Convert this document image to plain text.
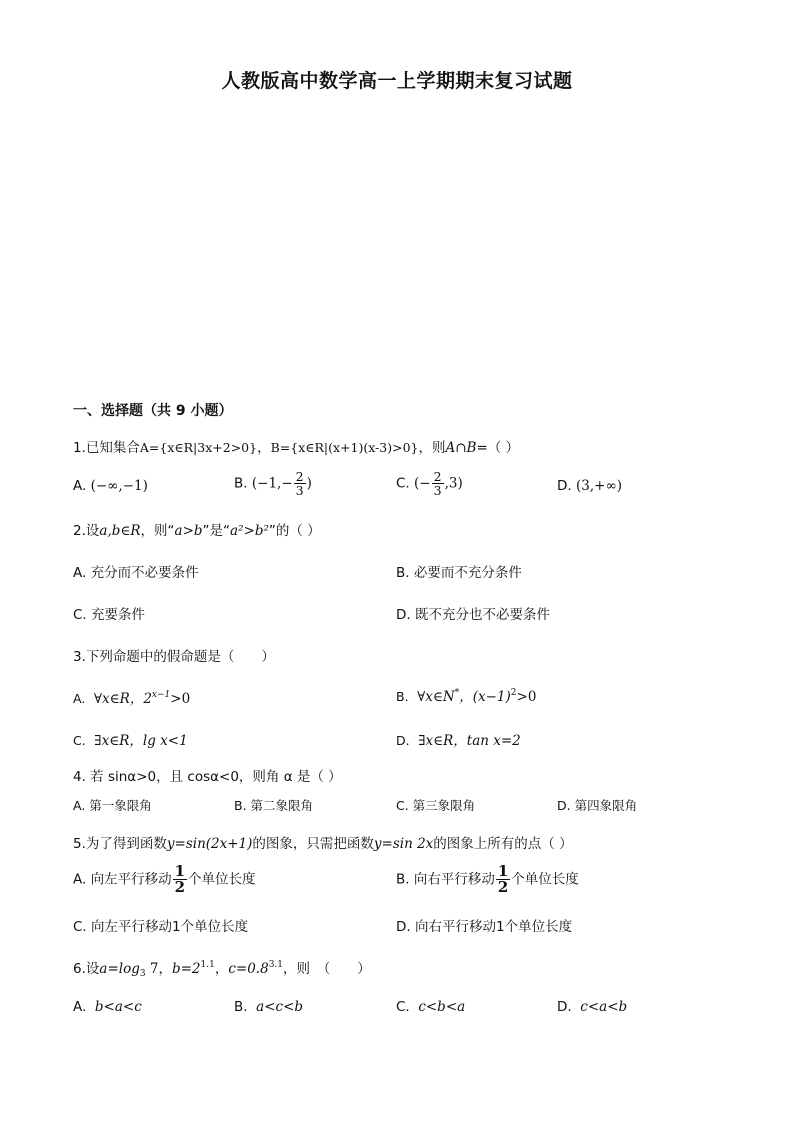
人教版高中数学高一上学期期末复习试题
一、选择题（共 9 小题）
1.已知集合A={x∈R|3x+2>0}，B={x∈R|(x+1)(x-3)>0}，则A∩B=（ ）
A. (−∞,−1)	B. ($-1,- \frac{2}{3}$ )	C. (− $\frac{2}{3} ,3$)	D. (3,+∞)
2.设a,b∈R，则“a>b”是“a²>b²”的（ ）
A. 充分而不必要条件	B. 必要而不充分条件
C. 充要条件	D. 既不充分也不必要条件
3.下列命题中的假命题是（　　）
A. ∀x∈R，$2^{x-1}>0$	B. ∀x∈N*，$(x-1)^2>0$
C. ∃x∈R，lg x<1	D. ∃x∈R，tan x=2
4. 若 sinα>0，且 cosα<0，则角 α 是（ ）
A. 第一象限角	B. 第二象限角	C. 第三象限角	D. 第四象限角
5.为了得到函数y=sin(2x+1)的图象，只需把函数y=sin 2x的图象上所有的点（ ）
A. 向左平行移动 $\frac{1}{2}$ 个单位长度	B. 向右平行移动 $\frac{1}{2}$ 个单位长度
C. 向左平行移动1个单位长度	D. 向右平行移动1个单位长度
6.设$a=\log_3$ 7，$b=2^{1.1}$，$c=0.8^{3.1}$，则　（　　）
A. b<a<c	B. a<c<b	C. c<b<a	D. c<a<b
